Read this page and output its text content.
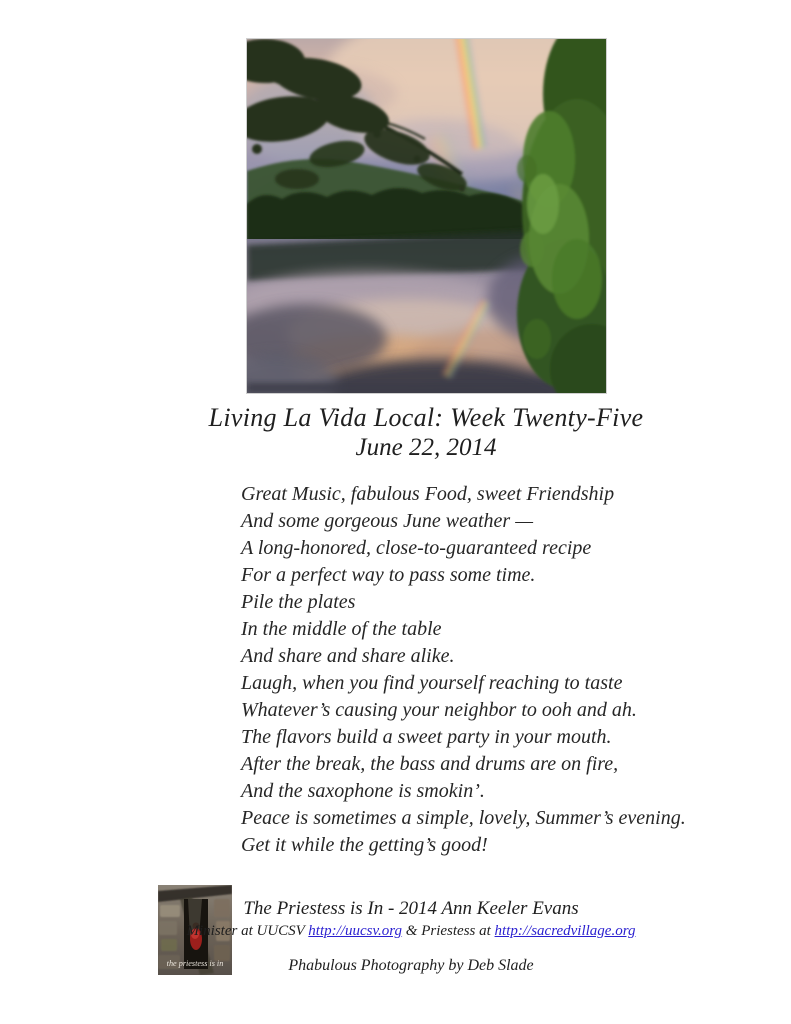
Living La Vida Local: Week Twenty-Five
June 22, 2014
Great Music, fabulous Food, sweet Friendship
And some gorgeous June weather —
A long-honored, close-to-guaranteed recipe
For a perfect way to pass some time.
Pile the plates
In the middle of the table
And share and share alike.
Laugh, when you find yourself reaching to taste
Whatever’s causing your neighbor to ooh and ah.
The flavors build a sweet party in your mouth.
After the break, the bass and drums are on fire,
And the saxophone is smokin’.
Peace is sometimes a simple, lovely, Summer’s evening.
Get it while the getting’s good!
the priestess is in
The Priestess is In - 2014 Ann Keeler Evans
Minister at UUCSV http://uucsv.org & Priestess at http://sacredvillage.org
Phabulous Photography by Deb Slade
